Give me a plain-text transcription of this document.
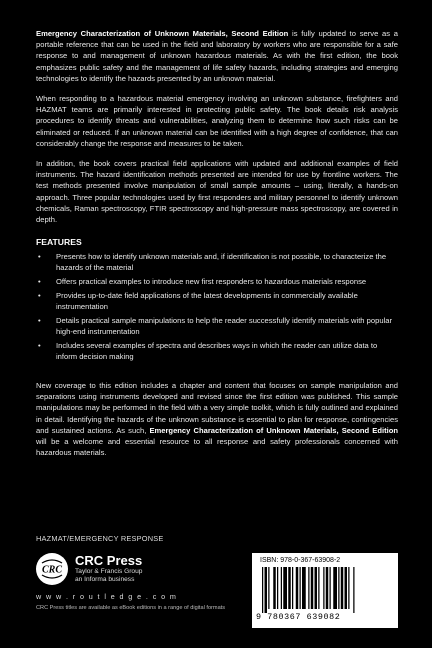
Emergency Characterization of Unknown Materials, Second Edition is fully updated to serve as a portable reference that can be used in the field and laboratory by workers who are responsible for a safe response to and management of unknown hazardous materials. As with the first edition, the book emphasizes public safety and the management of life safety hazards, including strategies and emerging technologies to identify the hazards presented by an unknown material.

When responding to a hazardous material emergency involving an unknown substance, firefighters and HAZMAT teams are primarily interested in protecting public safety. The book details risk analysis procedures to identify threats and vulnerabilities, analyzing them to determine how such risks can be eliminated or reduced. If an unknown material can be identified with a high degree of confidence, that can considerably change the response and measures to be taken.

In addition, the book covers practical field applications with updated and additional examples of field instruments. The hazard identification methods presented are intended for use by frontline workers. The test methods presented involve manipulation of small sample amounts – using, literally, a hands-on approach. Three popular technologies used by first responders and military personnel to identify unknown chemicals, Raman spectroscopy, FTIR spectroscopy and high-pressure mass spectroscopy, are covered in depth.

FEATURES
• Presents how to identify unknown materials and, if identification is not possible, to characterize the hazards of the material
• Offers practical examples to introduce new first responders to hazardous materials response
• Provides up-to-date field applications of the latest developments in commercially available instrumentation
• Details practical sample manipulations to help the reader successfully identify materials with popular high-end instrumentation
• Includes several examples of spectra and describes ways in which the reader can utilize data to inform decision making

New coverage to this edition includes a chapter and content that focuses on sample manipulation and separations using instruments developed and revised since the first edition was published. This sample manipulations may be performed in the field with a very simple toolkit, which is fully outlined and explained in detail. Identifying the hazards of the unknown substance is essential to plan for response, contingencies and sustained actions. As such, Emergency Characterization of Unknown Materials, Second Edition will be a welcome and essential resource to all response and safety professionals concerned with hazardous materials.

HAZMAT/EMERGENCY RESPONSE
CRC
CRC Press
Taylor & Francis Group
an Informa business
w w w . r o u t l e d g e . c o m
CRC Press titles are available as eBook editions in a range of digital formats
ISBN: 978-0-367-63908-2
9 780367 639082
